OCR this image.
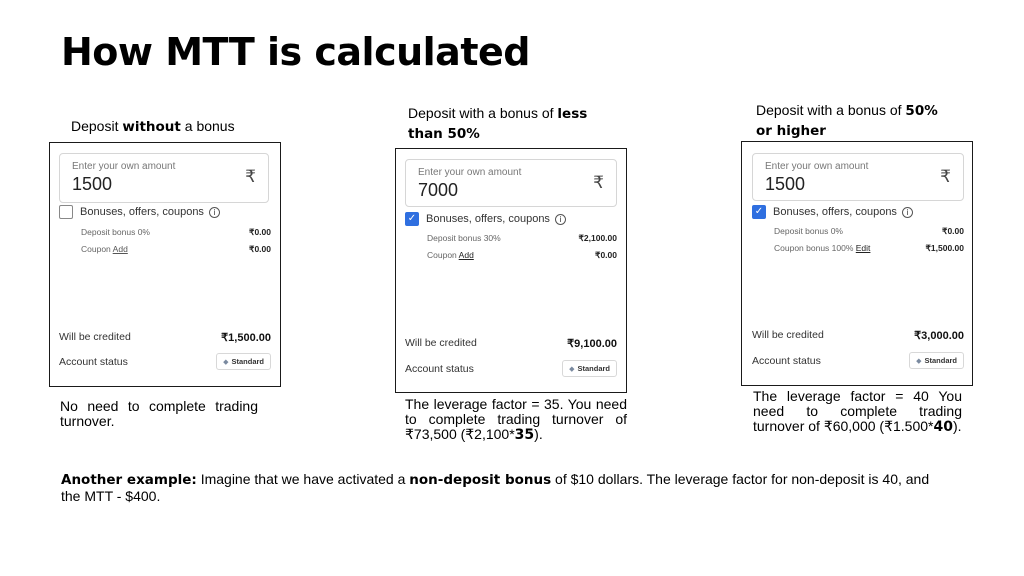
How MTT is calculated
Deposit without a bonus
Deposit with a bonus of less than 50%
Deposit with a bonus of 50% or higher
Enter your own amount
1500	₹
Bonuses, offers, coupons	i
Deposit bonus 0%	₹0.00
Coupon Add	₹0.00
Will be credited	₹1,500.00
Account status	◆ Standard
Enter your own amount
7000	₹
✓ Bonuses, offers, coupons	i
Deposit bonus 30%	₹2,100.00
Coupon Add	₹0.00
Will be credited	₹9,100.00
Account status	◆ Standard
Enter your own amount
1500	₹
✓ Bonuses, offers, coupons	i
Deposit bonus 0%	₹0.00
Coupon bonus 100% Edit	₹1,500.00
Will be credited	₹3,000.00
Account status	◆ Standard
No need to complete trading turnover.
The leverage factor = 35. You need to complete trading turnover of ₹73,500 (₹2,100*35).
The leverage factor = 40 You need to complete trading turnover of ₹60,000 (₹1.500*40).
Another example: Imagine that we have activated a non-deposit bonus of $10 dollars. The leverage factor for non-deposit is 40, and the MTT - $400.
